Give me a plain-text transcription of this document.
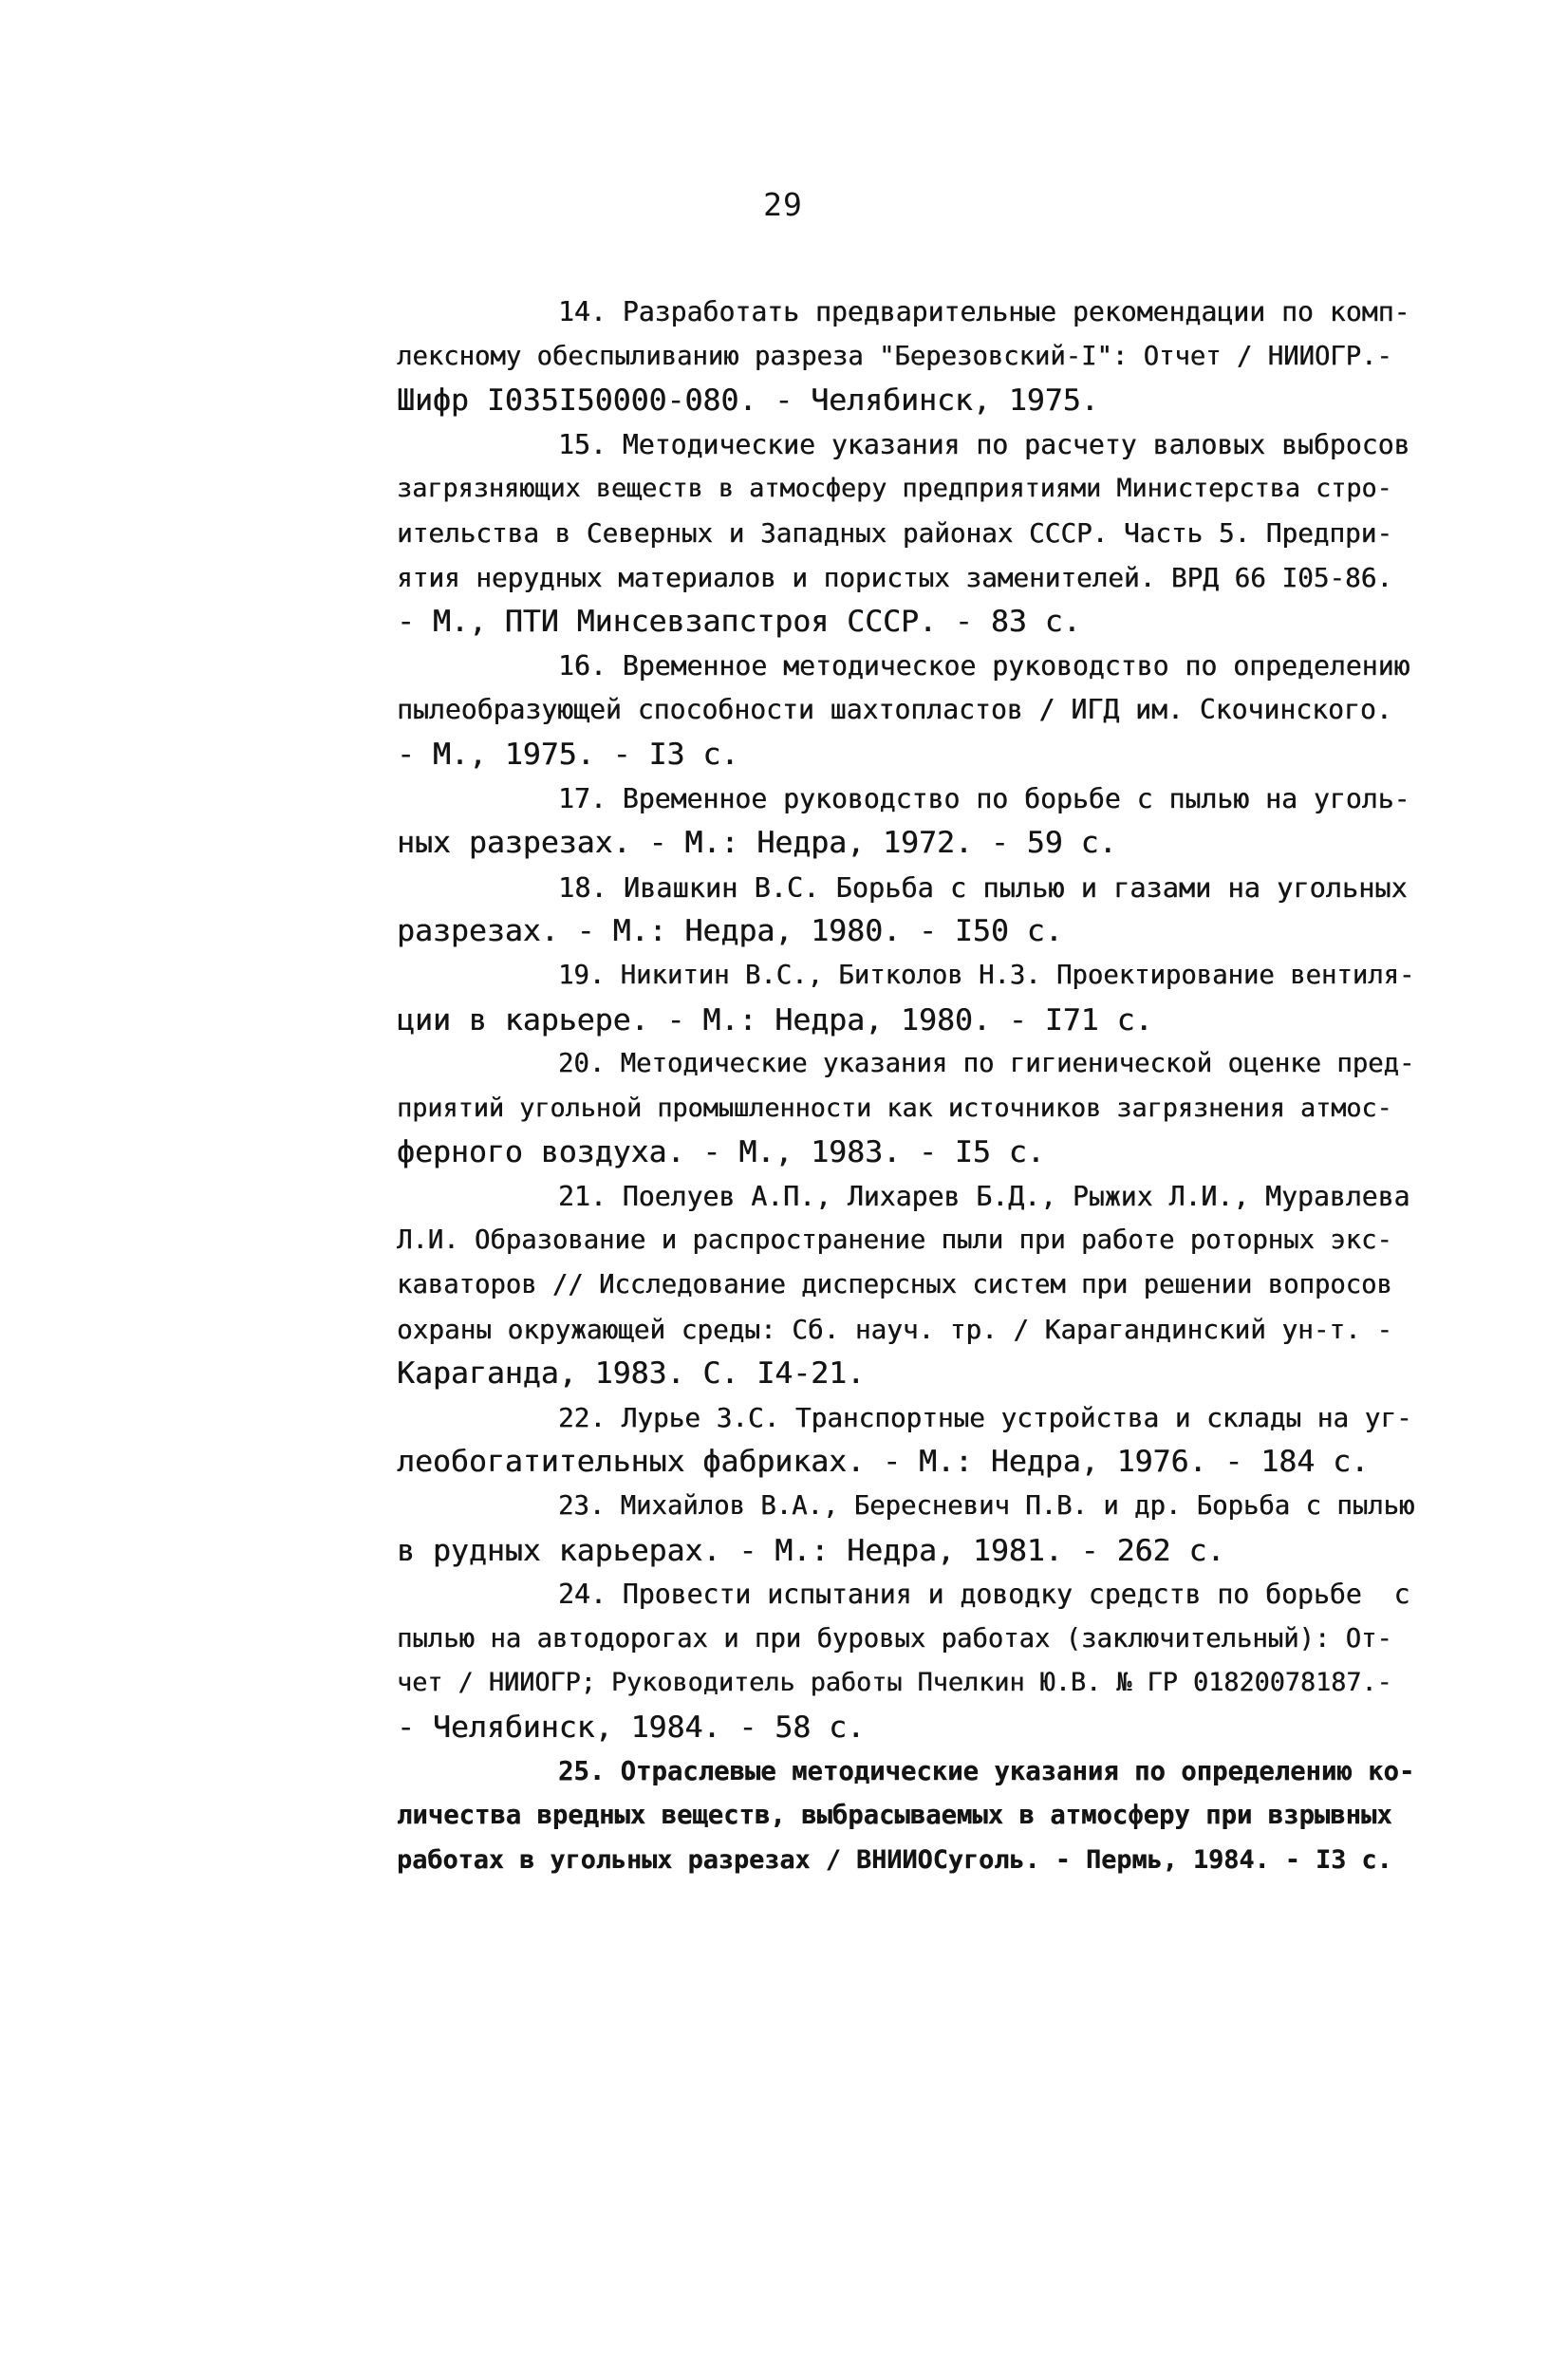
29
14. Разработать предварительные рекомендации по комп-
лексному обеспыливанию разреза "Березовский-I": Отчет / НИИОГР.-
Шифр I035I50000-080. - Челябинск, 1975.
15. Методические указания по расчету валовых выбросов
загрязняющих веществ в атмосферу предприятиями Министерства стро-
ительства в Северных и Западных районах СССР. Часть 5. Предпри-
ятия нерудных материалов и пористых заменителей. ВРД 66 I05-86.
- М., ПТИ Минсевзапстроя СССР. - 83 с.
16. Временное методическое руководство по определению
пылеобразующей способности шахтопластов / ИГД им. Скочинского.
- М., 1975. - I3 с.
17. Временное руководство по борьбе с пылью на уголь-
ных разрезах. - М.: Недра, 1972. - 59 с.
18. Ивашкин В.С. Борьба с пылью и газами на угольных
разрезах. - М.: Недра, 1980. - I50 с.
19. Никитин В.С., Битколов Н.З. Проектирование вентиля-
ции в карьере. - М.: Недра, 1980. - I71 с.
20. Методические указания по гигиенической оценке пред-
приятий угольной промышленности как источников загрязнения атмос-
ферного воздуха. - М., 1983. - I5 с.
21. Поелуев А.П., Лихарев Б.Д., Рыжих Л.И., Муравлева
Л.И. Образование и распространение пыли при работе роторных экс-
каваторов // Исследование дисперсных систем при решении вопросов
охраны окружающей среды: Сб. науч. тр. / Карагандинский ун-т. -
Караганда, 1983. С. I4-21.
22. Лурье З.С. Транспортные устройства и склады на уг-
леобогатительных фабриках. - М.: Недра, 1976. - 184 с.
23. Михайлов В.А., Бересневич П.В. и др. Борьба с пылью
в рудных карьерах. - М.: Недра, 1981. - 262 с.
24. Провести испытания и доводку средств по борьбе  с
пылью на автодорогах и при буровых работах (заключительный): От-
чет / НИИОГР; Руководитель работы Пчелкин Ю.В. № ГР 01820078187.-
- Челябинск, 1984. - 58 с.
25. Отраслевые методические указания по определению ко-
личества вредных веществ, выбрасываемых в атмосферу при взрывных
работах в угольных разрезах / ВНИИОСуголь. - Пермь, 1984. - I3 с.
